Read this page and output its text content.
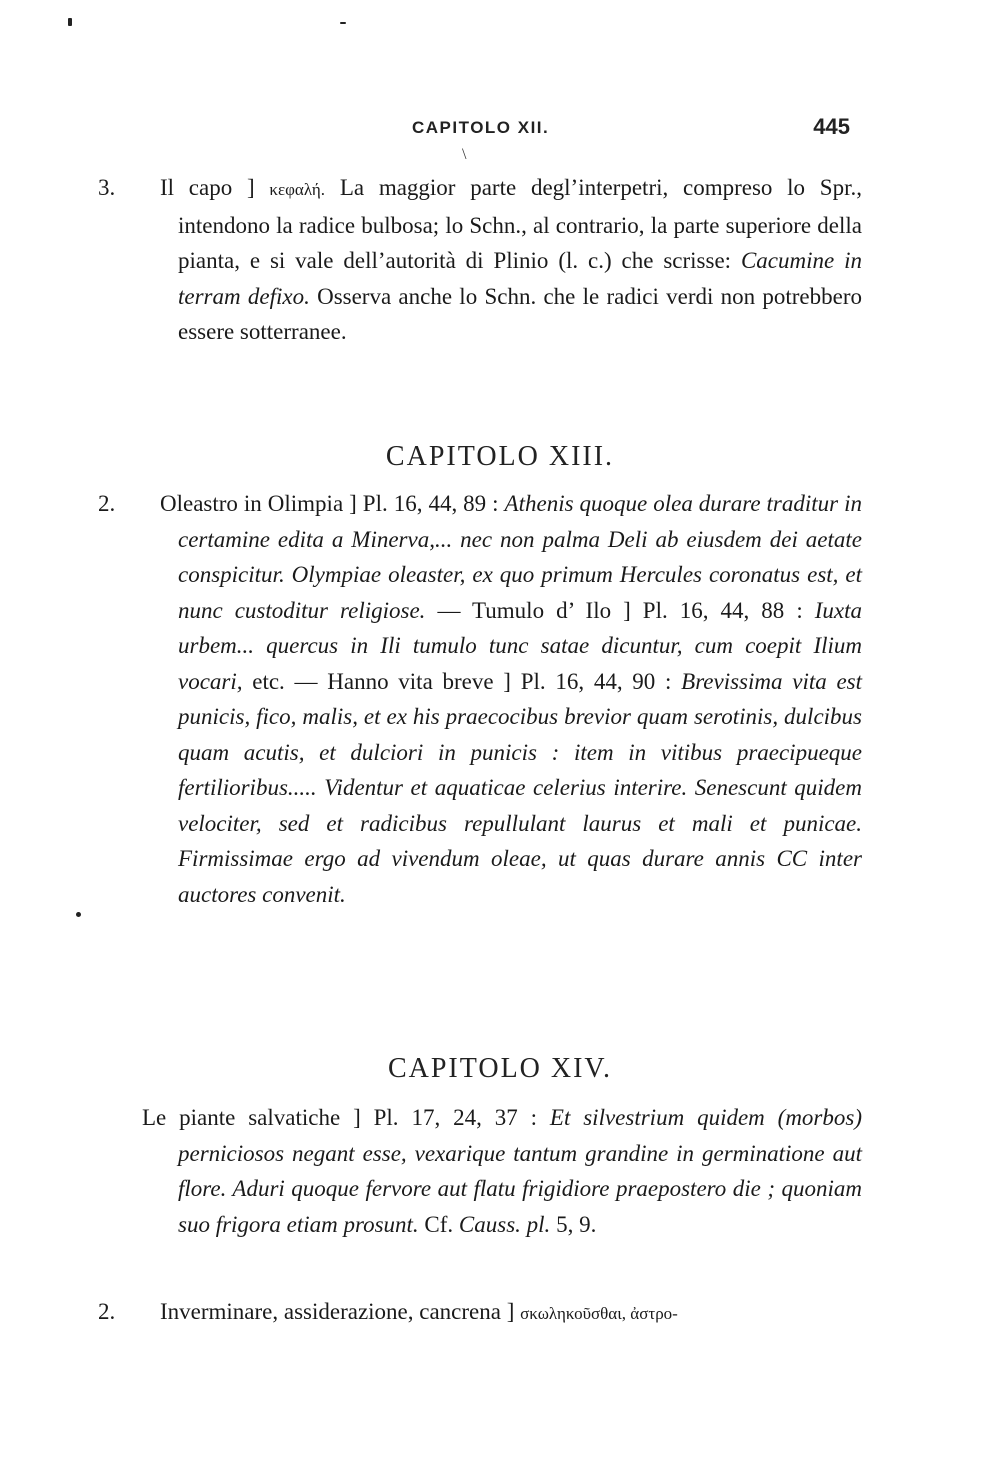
CAPITOLO XII.	445
\

3. Il capo ] κεφαλή. La maggior parte degl’interpetri, compreso lo Spr., intendono la radice bulbosa; lo Schn., al contrario, la parte superiore della pianta, e si vale dell’autorità di Plinio (l. c.) che scrisse: Cacumine in terram defixo. Osserva anche lo Schn. che le radici verdi non potrebbero essere sotterranee.

CAPITOLO XIII.

2. Oleastro in Olimpia ] Pl. 16, 44, 89 : Athenis quoque olea durare traditur in certamine edita a Minerva,... nec non palma Deli ab eiusdem dei aetate conspicitur. Olympiae oleaster, ex quo primum Hercules coronatus est, et nunc custoditur religiose. — Tumulo d’ Ilo ] Pl. 16, 44, 88 : Iuxta urbem... quercus in Ili tumulo tunc satae dicuntur, cum coepit Ilium vocari, etc. — Hanno vita breve ] Pl. 16, 44, 90 : Brevissima vita est punicis, fico, malis, et ex his praecocibus brevior quam serotinis, dulcibus quam acutis, et dulciori in punicis : item in vitibus praecipueque fertilioribus..... Videntur et aquaticae celerius interire. Senescunt quidem velociter, sed et radicibus repullulant laurus et mali et punicae. Firmissimae ergo ad vivendum oleae, ut quas durare annis CC inter auctores convenit.

CAPITOLO XIV.

Le piante salvatiche ] Pl. 17, 24, 37 : Et silvestrium quidem (morbos) perniciosos negant esse, vexarique tantum grandine in germinatione aut flore. Aduri quoque fervore aut flatu frigidiore praepostero die ; quoniam suo frigora etiam prosunt. Cf. Causs. pl. 5, 9.

2. Inverminare, assiderazione, cancrena ] σκωληκοῦσθαι, ἀστρο-
